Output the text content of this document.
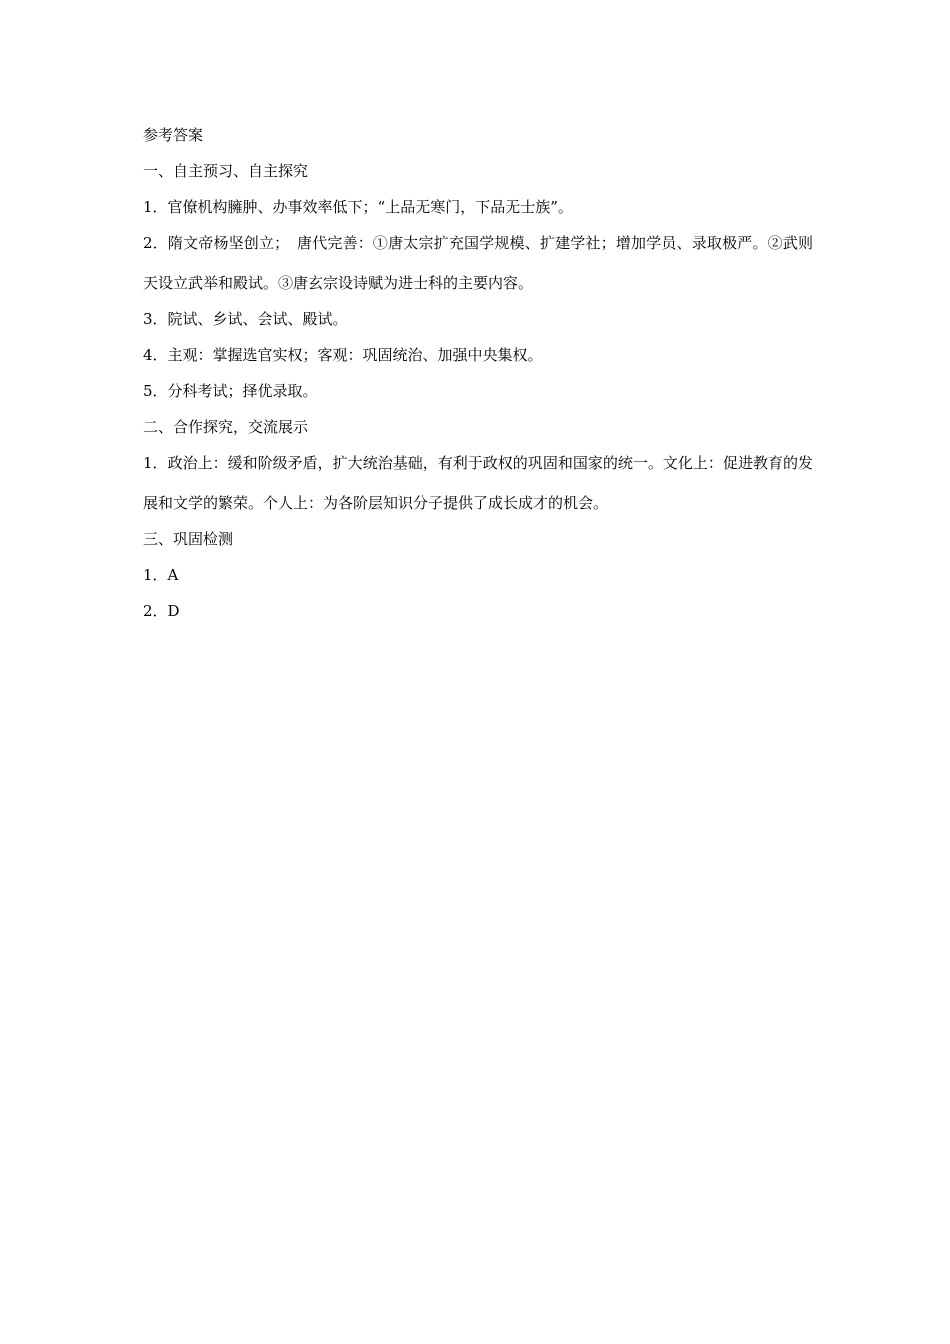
参考答案

一、自主预习、自主探究

1．官僚机构臃肿、办事效率低下；“上品无寒门，下品无士族”。

2．隋文帝杨坚创立；　唐代完善：①唐太宗扩充国学规模、扩建学社；增加学员、录取极严。②武则天设立武举和殿试。③唐玄宗设诗赋为进士科的主要内容。

3．院试、乡试、会试、殿试。

4．主观：掌握选官实权；客观：巩固统治、加强中央集权。

5．分科考试；择优录取。

二、合作探究，交流展示

1．政治上：缓和阶级矛盾，扩大统治基础，有利于政权的巩固和国家的统一。文化上：促进教育的发展和文学的繁荣。个人上：为各阶层知识分子提供了成长成才的机会。

三、巩固检测

1．A

2．D
